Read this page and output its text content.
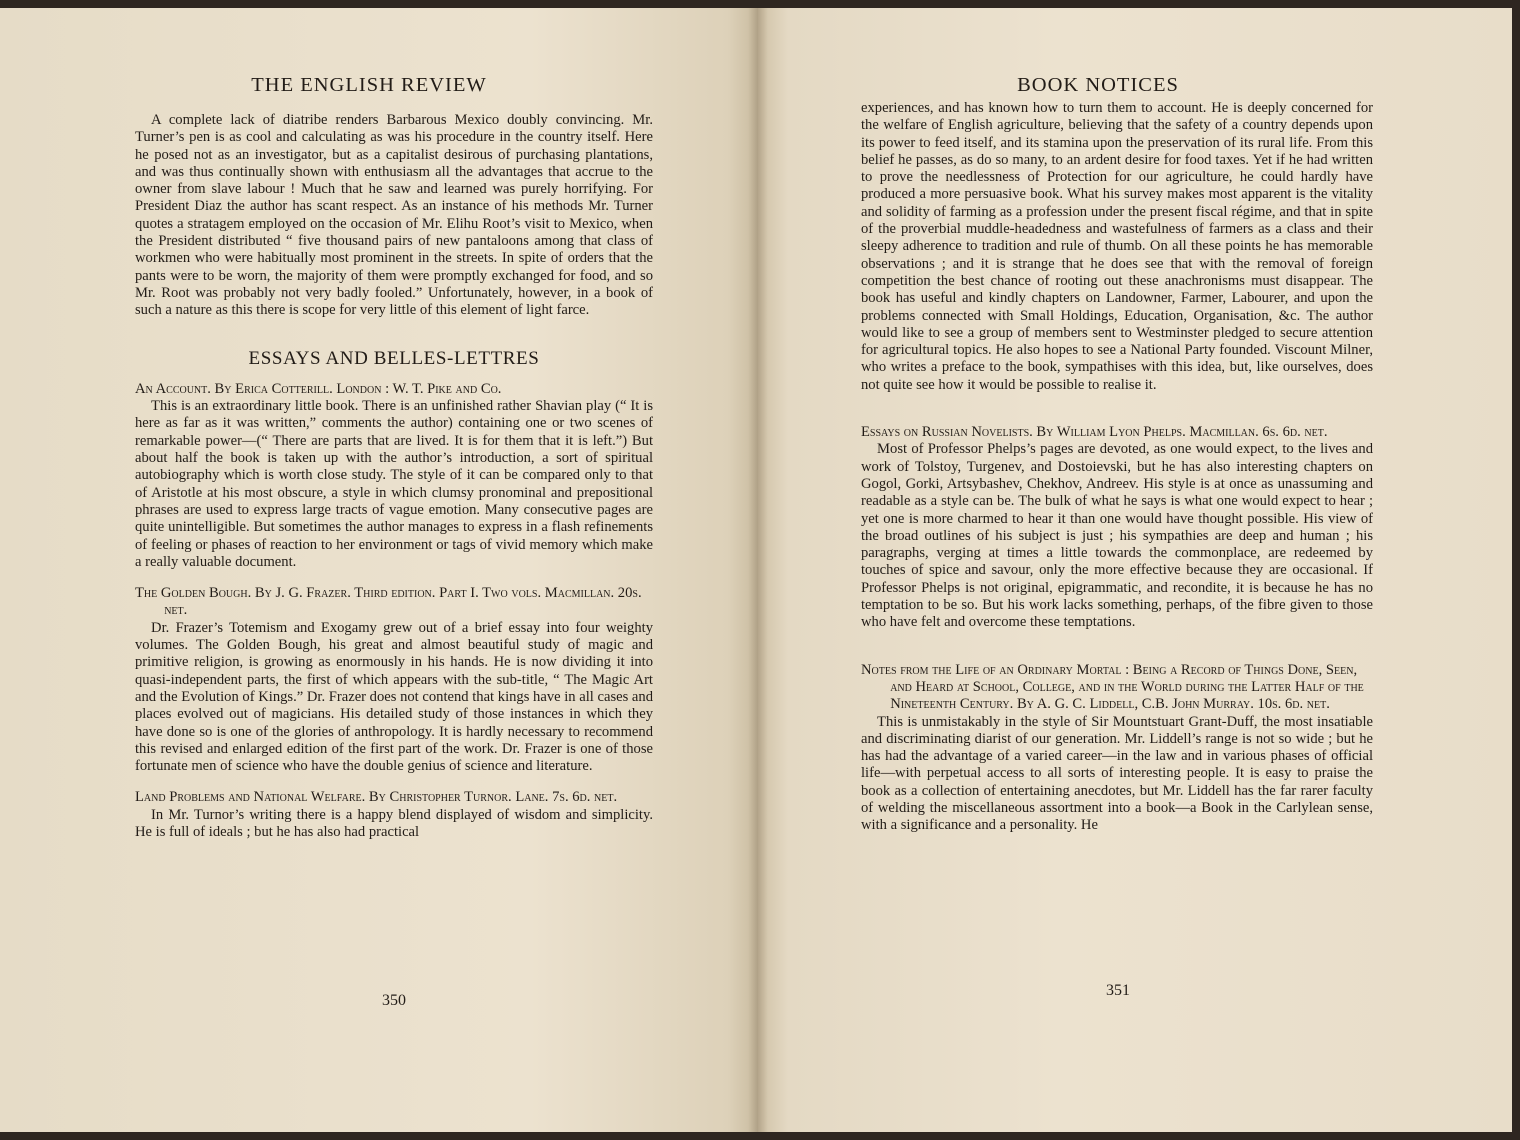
THE ENGLISH REVIEW

A complete lack of diatribe renders Barbarous Mexico doubly convincing. Mr. Turner’s pen is as cool and calculating as was his procedure in the country itself. Here he posed not as an investigator, but as a capitalist desirous of purchasing plantations, and was thus continually shown with enthusiasm all the advantages that accrue to the owner from slave labour ! Much that he saw and learned was purely horrifying. For President Diaz the author has scant respect. As an instance of his methods Mr. Turner quotes a stratagem employed on the occasion of Mr. Elihu Root’s visit to Mexico, when the President distributed “ five thousand pairs of new pantaloons among that class of workmen who were habitually most prominent in the streets. In spite of orders that the pants were to be worn, the majority of them were promptly exchanged for food, and so Mr. Root was probably not very badly fooled.” Unfortunately, however, in a book of such a nature as this there is scope for very little of this element of light farce.

ESSAYS AND BELLES-LETTRES

An Account. By Erica Cotterill. London : W. T. Pike and Co.

This is an extraordinary little book. There is an unfinished rather Shavian play (“ It is here as far as it was written,” comments the author) containing one or two scenes of remarkable power—(“ There are parts that are lived. It is for them that it is left.”) But about half the book is taken up with the author’s introduction, a sort of spiritual autobiography which is worth close study. The style of it can be compared only to that of Aristotle at his most obscure, a style in which clumsy pronominal and prepositional phrases are used to express large tracts of vague emotion. Many consecutive pages are quite unintelligible. But sometimes the author manages to express in a flash refinements of feeling or phases of reaction to her environment or tags of vivid memory which make a really valuable document.

The Golden Bough. By J. G. Frazer. Third edition. Part I. Two vols. Macmillan. 20s. net.

Dr. Frazer’s Totemism and Exogamy grew out of a brief essay into four weighty volumes. The Golden Bough, his great and almost beautiful study of magic and primitive religion, is growing as enormously in his hands. He is now dividing it into quasi-independent parts, the first of which appears with the sub-title, “ The Magic Art and the Evolution of Kings.” Dr. Frazer does not contend that kings have in all cases and places evolved out of magicians. His detailed study of those instances in which they have done so is one of the glories of anthropology. It is hardly necessary to recommend this revised and enlarged edition of the first part of the work. Dr. Frazer is one of those fortunate men of science who have the double genius of science and literature.

Land Problems and National Welfare. By Christopher Turnor. Lane. 7s. 6d. net.

In Mr. Turnor’s writing there is a happy blend displayed of wisdom and simplicity. He is full of ideals ; but he has also had practical

350
BOOK NOTICES

experiences, and has known how to turn them to account. He is deeply concerned for the welfare of English agriculture, believing that the safety of a country depends upon its power to feed itself, and its stamina upon the preservation of its rural life. From this belief he passes, as do so many, to an ardent desire for food taxes. Yet if he had written to prove the needlessness of Protection for our agriculture, he could hardly have produced a more persuasive book. What his survey makes most apparent is the vitality and solidity of farming as a profession under the present fiscal régime, and that in spite of the proverbial muddle-headedness and wastefulness of farmers as a class and their sleepy adherence to tradition and rule of thumb. On all these points he has memorable observations ; and it is strange that he does see that with the removal of foreign competition the best chance of rooting out these anachronisms must disappear. The book has useful and kindly chapters on Landowner, Farmer, Labourer, and upon the problems connected with Small Holdings, Education, Organisation, &c. The author would like to see a group of members sent to Westminster pledged to secure attention for agricultural topics. He also hopes to see a National Party founded. Viscount Milner, who writes a preface to the book, sympathises with this idea, but, like ourselves, does not quite see how it would be possible to realise it.

Essays on Russian Novelists. By William Lyon Phelps. Macmillan. 6s. 6d. net.

Most of Professor Phelps’s pages are devoted, as one would expect, to the lives and work of Tolstoy, Turgenev, and Dostoievski, but he has also interesting chapters on Gogol, Gorki, Artsybashev, Chekhov, Andreev. His style is at once as unassuming and readable as a style can be. The bulk of what he says is what one would expect to hear ; yet one is more charmed to hear it than one would have thought possible. His view of the broad outlines of his subject is just ; his sympathies are deep and human ; his paragraphs, verging at times a little towards the commonplace, are redeemed by touches of spice and savour, only the more effective because they are occasional. If Professor Phelps is not original, epigrammatic, and recondite, it is because he has no temptation to be so. But his work lacks something, perhaps, of the fibre given to those who have felt and overcome these temptations.

Notes from the Life of an Ordinary Mortal : Being a Record of Things Done, Seen, and Heard at School, College, and in the World during the Latter Half of the Nineteenth Century. By A. G. C. Liddell, C.B. John Murray. 10s. 6d. net.

This is unmistakably in the style of Sir Mountstuart Grant-Duff, the most insatiable and discriminating diarist of our generation. Mr. Liddell’s range is not so wide ; but he has had the advantage of a varied career—in the law and in various phases of official life—with perpetual access to all sorts of interesting people. It is easy to praise the book as a collection of entertaining anecdotes, but Mr. Liddell has the far rarer faculty of welding the miscellaneous assortment into a book—a Book in the Carlylean sense, with a significance and a personality. He

351
